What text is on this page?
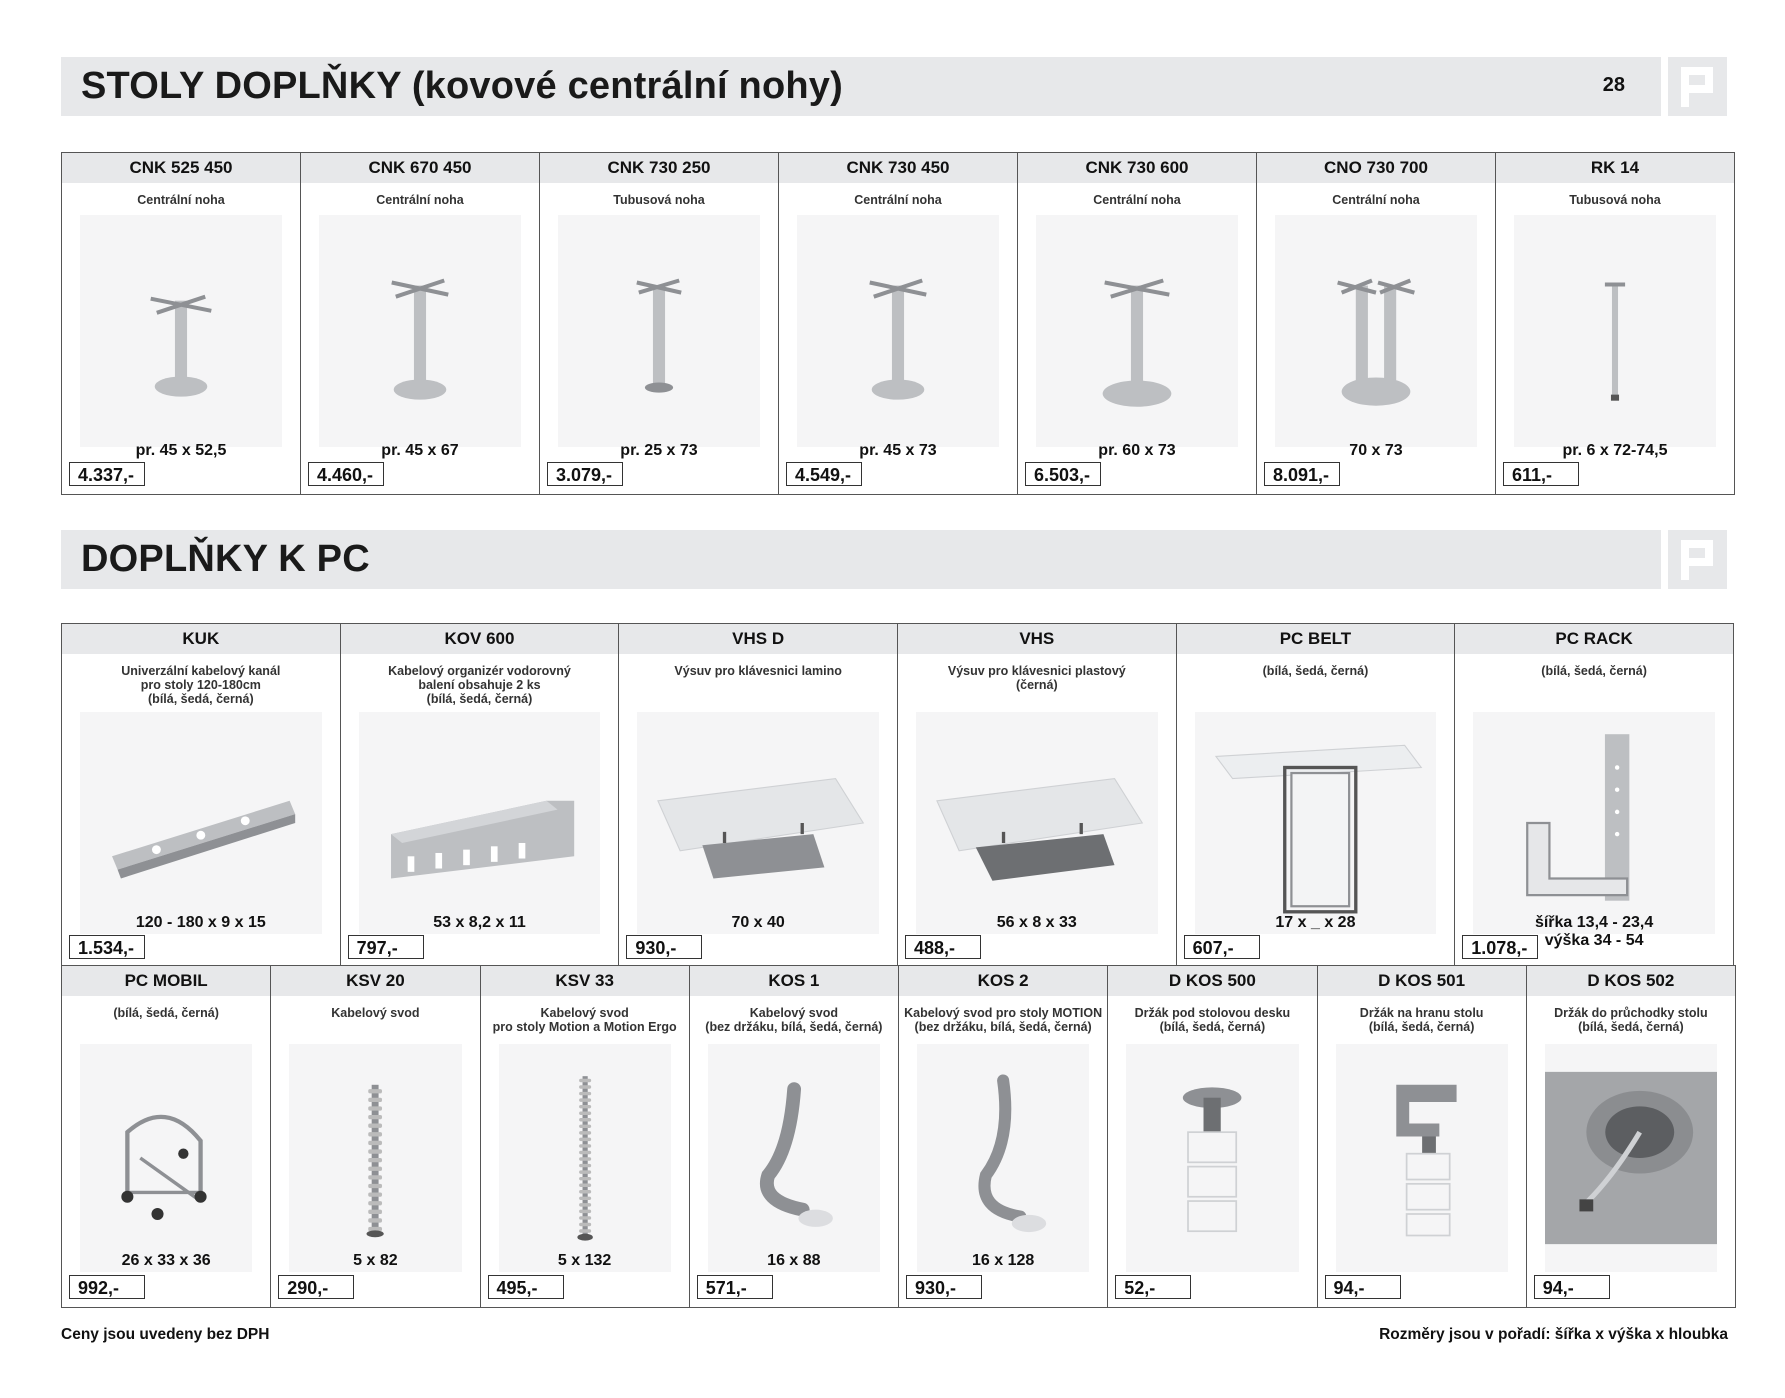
STOLY DOPLŇKY (kovové centrální nohy)	28
CNK 525 450
Centrální noha
pr. 45 x 52,5
4.337,-

CNK 670 450
Centrální noha
pr. 45 x 67
4.460,-

CNK 730 250
Tubusová noha
pr. 25 x 73
3.079,-

CNK 730 450
Centrální noha
pr. 45 x 73
4.549,-

CNK 730 600
Centrální noha
pr. 60 x 73
6.503,-

CNO 730 700
Centrální noha
70 x 73
8.091,-

RK 14
Tubusová noha
pr. 6 x 72-74,5
611,-
DOPLŇKY K PC
KUK
Univerzální kabelový kanál
pro stoly 120-180cm
(bílá, šedá, černá)
120 - 180 x 9 x 15
1.534,-

KOV 600
Kabelový organizér vodorovný
balení obsahuje 2 ks
(bílá, šedá, černá)
53 x 8,2 x 11
797,-

VHS D
Výsuv pro klávesnici lamino
70 x 40
930,-

VHS
Výsuv pro klávesnici plastový
(černá)
56 x 8 x 33
488,-

PC BELT
(bílá, šedá, černá)
17 x _ x 28
607,-

PC RACK
(bílá, šedá, černá)
šířka 13,4 - 23,4
výška 34 - 54
1.078,-
PC MOBIL
(bílá, šedá, černá)
26 x 33 x 36
992,-

KSV 20
Kabelový svod
5 x 82
290,-

KSV 33
Kabelový svod
pro stoly Motion a Motion Ergo
5 x 132
495,-

KOS 1
Kabelový svod
(bez držáku, bílá, šedá, černá)
16 x 88
571,-

KOS 2
Kabelový svod pro stoly MOTION
(bez držáku, bílá, šedá, černá)
16 x 128
930,-

D KOS 500
Držák pod stolovou desku
(bílá, šedá, černá)
52,-

D KOS 501
Držák na hranu stolu
(bílá, šedá, černá)
94,-

D KOS 502
Držák do průchodky stolu
(bílá, šedá, černá)
94,-
Ceny jsou uvedeny bez DPH	Rozměry jsou v pořadí: šířka x výška x hloubka
